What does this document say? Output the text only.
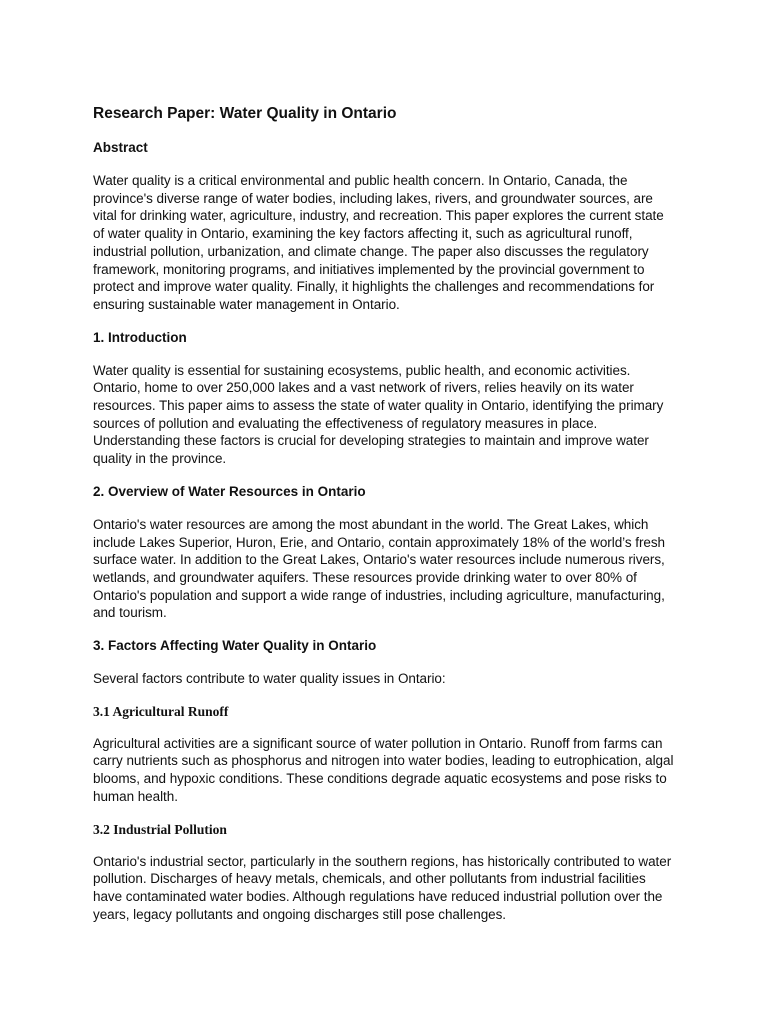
Research Paper: Water Quality in Ontario
Abstract
Water quality is a critical environmental and public health concern. In Ontario, Canada, the province's diverse range of water bodies, including lakes, rivers, and groundwater sources, are vital for drinking water, agriculture, industry, and recreation. This paper explores the current state of water quality in Ontario, examining the key factors affecting it, such as agricultural runoff, industrial pollution, urbanization, and climate change. The paper also discusses the regulatory framework, monitoring programs, and initiatives implemented by the provincial government to protect and improve water quality. Finally, it highlights the challenges and recommendations for ensuring sustainable water management in Ontario.
1. Introduction
Water quality is essential for sustaining ecosystems, public health, and economic activities. Ontario, home to over 250,000 lakes and a vast network of rivers, relies heavily on its water resources. This paper aims to assess the state of water quality in Ontario, identifying the primary sources of pollution and evaluating the effectiveness of regulatory measures in place. Understanding these factors is crucial for developing strategies to maintain and improve water quality in the province.
2. Overview of Water Resources in Ontario
Ontario's water resources are among the most abundant in the world. The Great Lakes, which include Lakes Superior, Huron, Erie, and Ontario, contain approximately 18% of the world’s fresh surface water. In addition to the Great Lakes, Ontario's water resources include numerous rivers, wetlands, and groundwater aquifers. These resources provide drinking water to over 80% of Ontario's population and support a wide range of industries, including agriculture, manufacturing, and tourism.
3. Factors Affecting Water Quality in Ontario
Several factors contribute to water quality issues in Ontario:
3.1 Agricultural Runoff
Agricultural activities are a significant source of water pollution in Ontario. Runoff from farms can carry nutrients such as phosphorus and nitrogen into water bodies, leading to eutrophication, algal blooms, and hypoxic conditions. These conditions degrade aquatic ecosystems and pose risks to human health.
3.2 Industrial Pollution
Ontario's industrial sector, particularly in the southern regions, has historically contributed to water pollution. Discharges of heavy metals, chemicals, and other pollutants from industrial facilities have contaminated water bodies. Although regulations have reduced industrial pollution over the years, legacy pollutants and ongoing discharges still pose challenges.
